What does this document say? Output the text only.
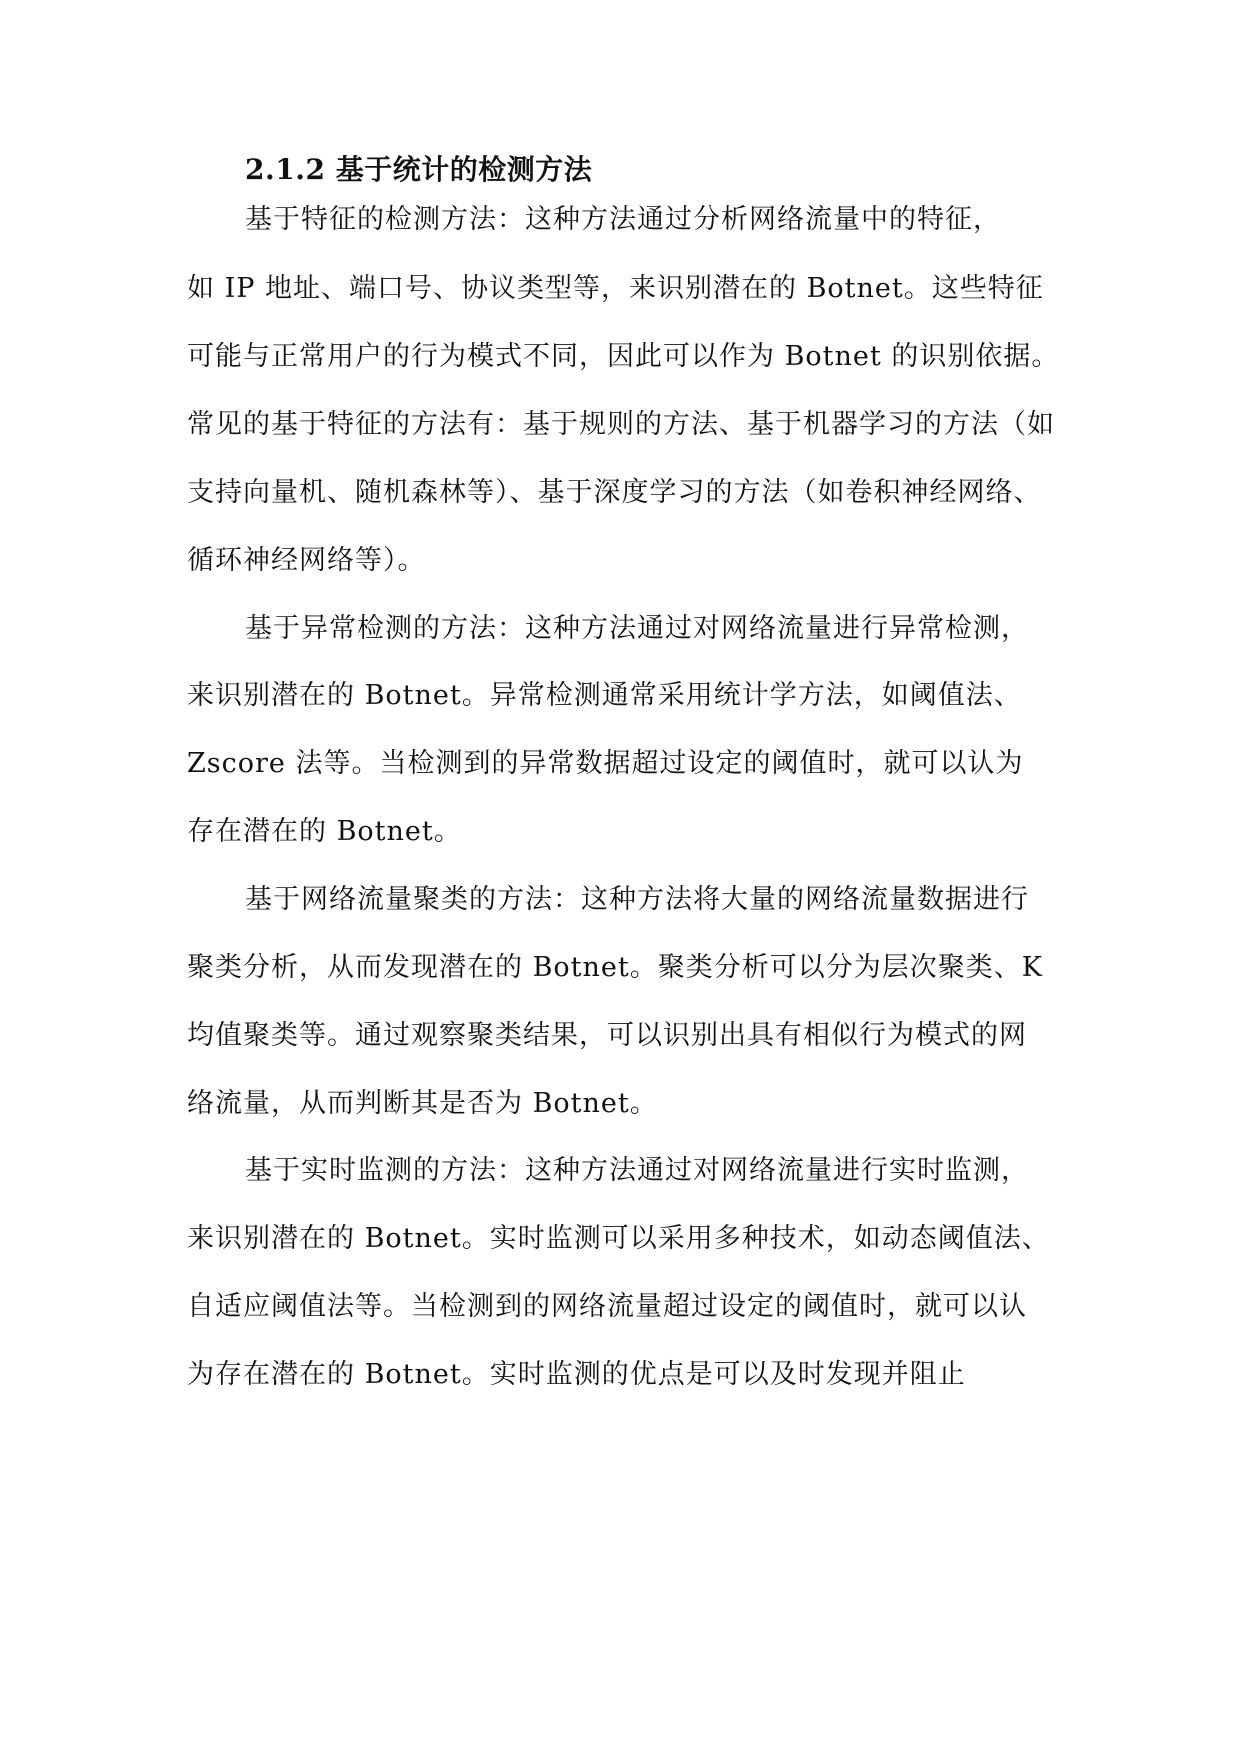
2.1.2 基于统计的检测方法
基于特征的检测方法：这种方法通过分析网络流量中的特征，
如 IP 地址、端口号、协议类型等，来识别潜在的 Botnet。这些特征
可能与正常用户的行为模式不同，因此可以作为 Botnet 的识别依据。
常见的基于特征的方法有：基于规则的方法、基于机器学习的方法（如
支持向量机、随机森林等）、基于深度学习的方法（如卷积神经网络、
循环神经网络等）。
基于异常检测的方法：这种方法通过对网络流量进行异常检测，
来识别潜在的 Botnet。异常检测通常采用统计学方法，如阈值法、
Zscore 法等。当检测到的异常数据超过设定的阈值时，就可以认为
存在潜在的 Botnet。
基于网络流量聚类的方法：这种方法将大量的网络流量数据进行
聚类分析，从而发现潜在的 Botnet。聚类分析可以分为层次聚类、K
均值聚类等。通过观察聚类结果，可以识别出具有相似行为模式的网
络流量，从而判断其是否为 Botnet。
基于实时监测的方法：这种方法通过对网络流量进行实时监测，
来识别潜在的 Botnet。实时监测可以采用多种技术，如动态阈值法、
自适应阈值法等。当检测到的网络流量超过设定的阈值时，就可以认
为存在潜在的 Botnet。实时监测的优点是可以及时发现并阻止
